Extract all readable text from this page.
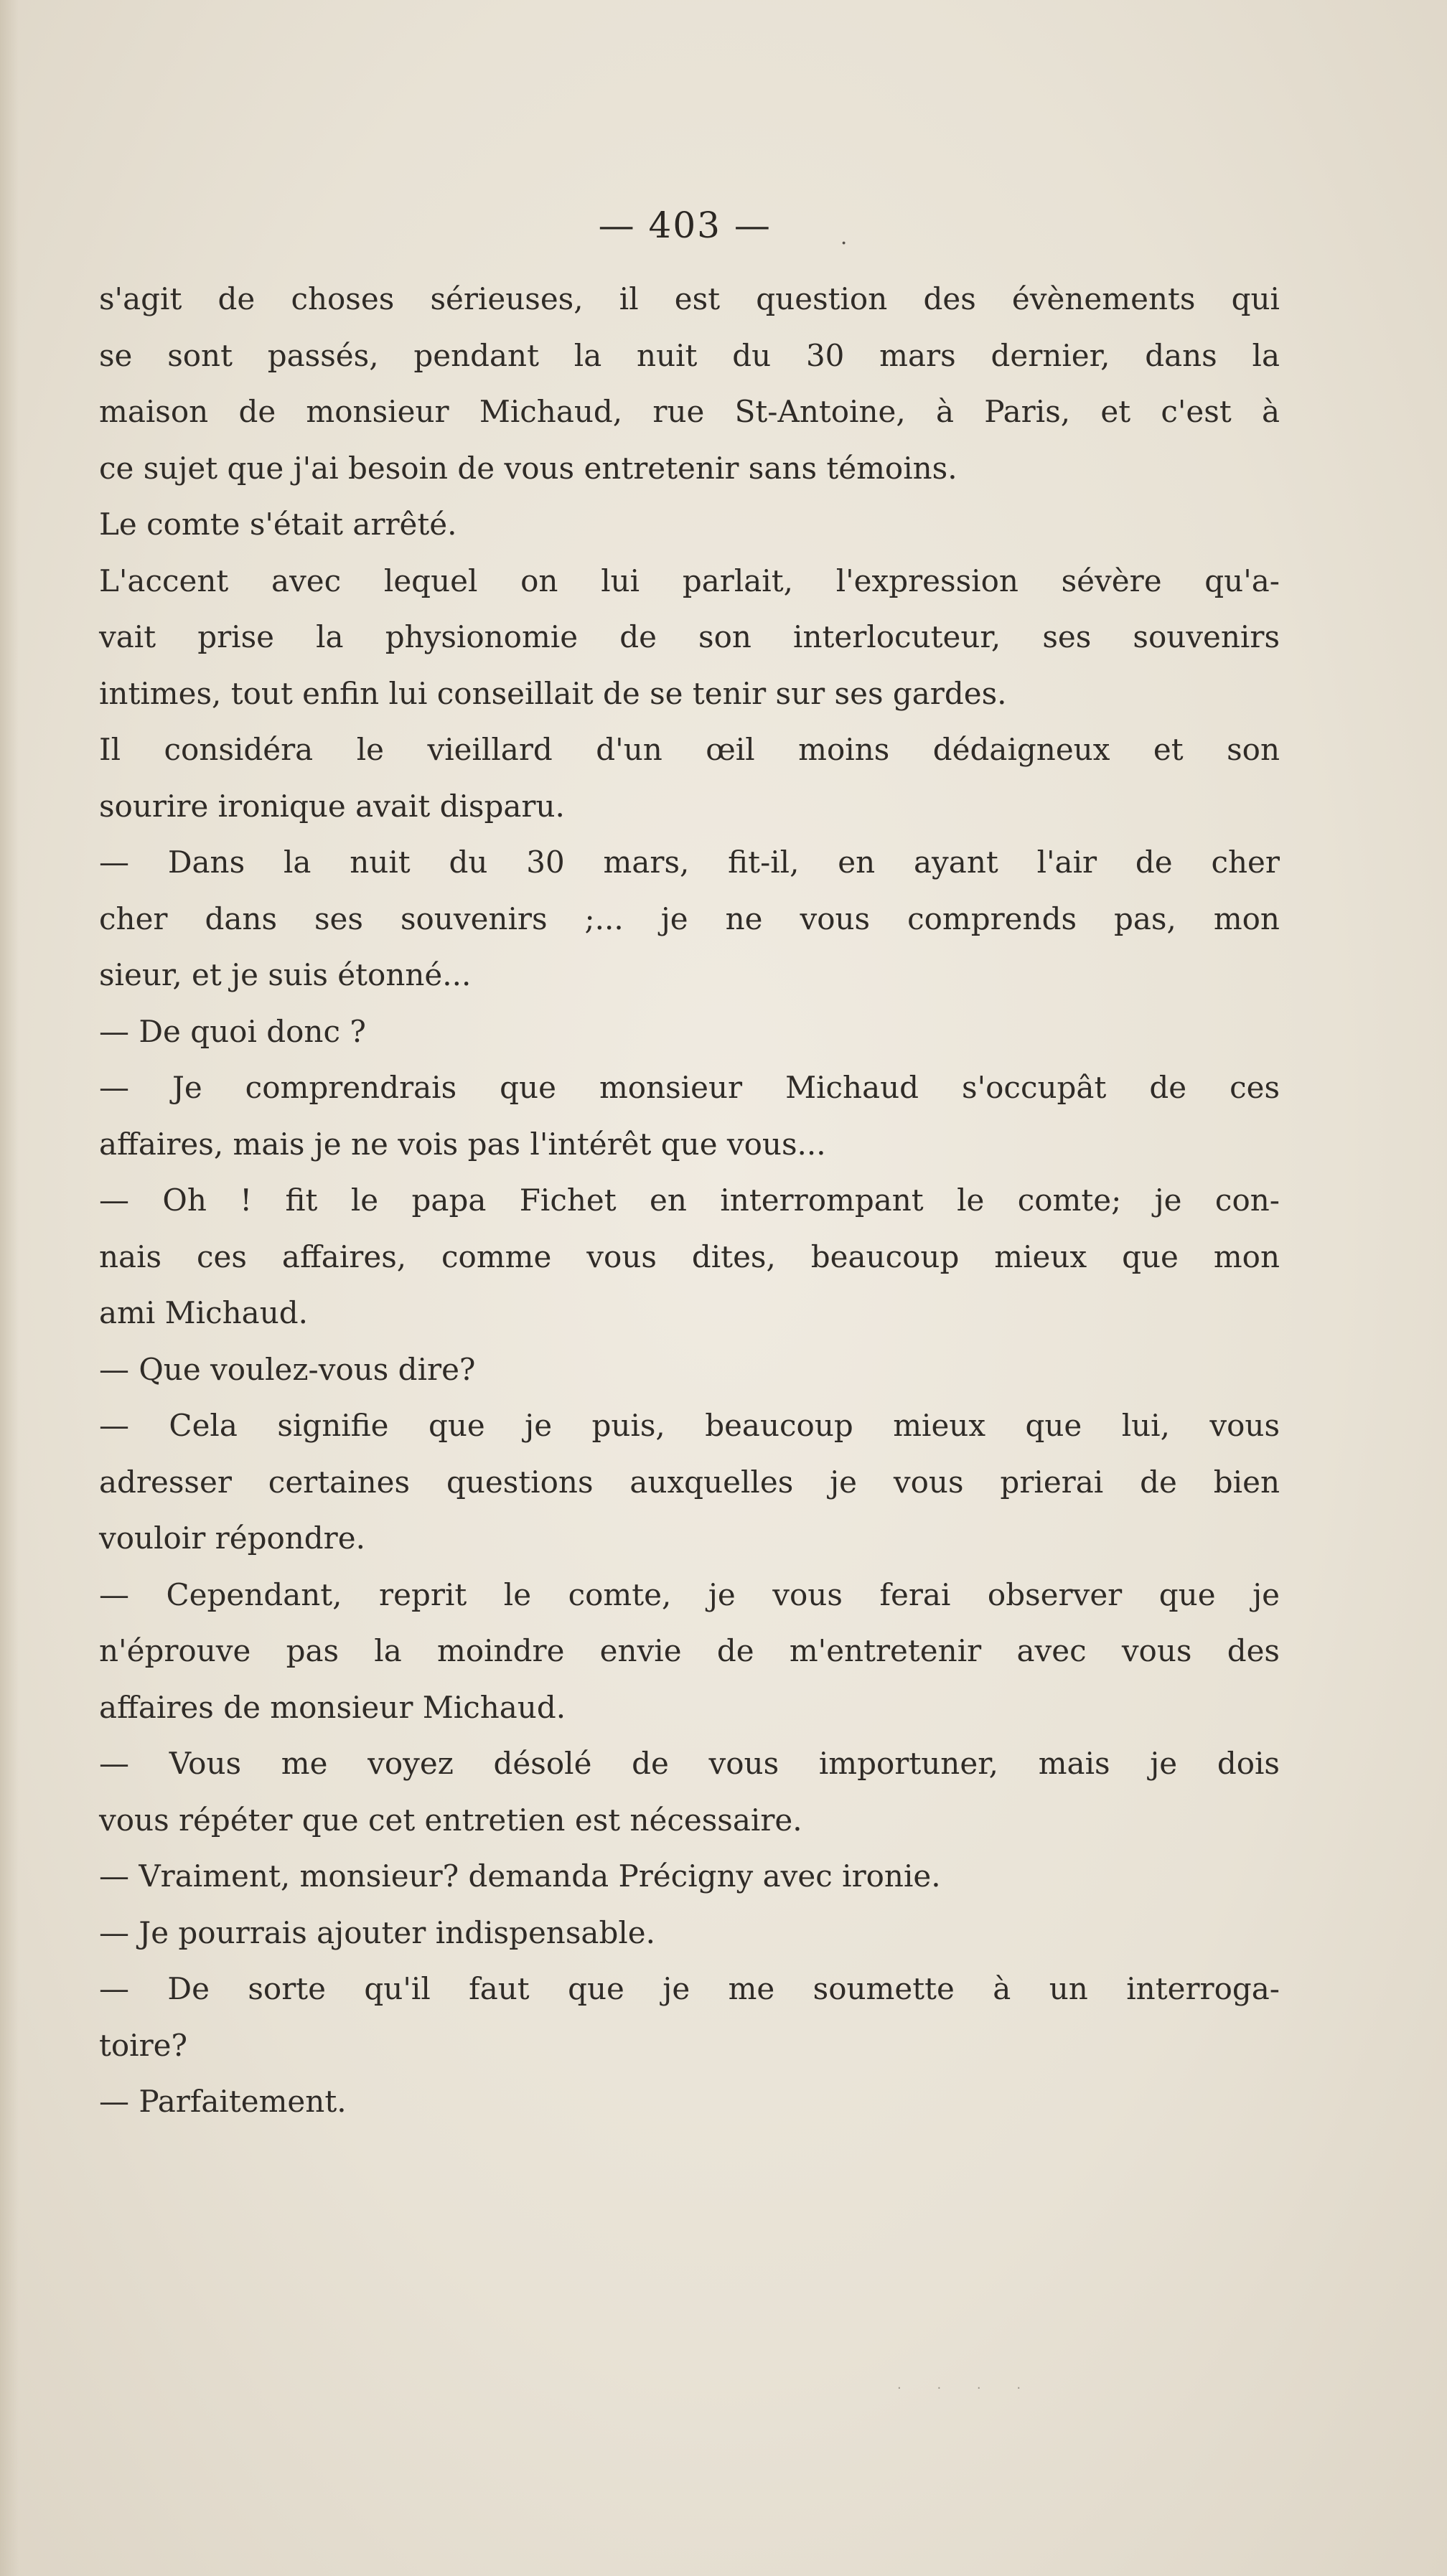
— 403 —	·
s'agit de choses sérieuses, il est question des évènements qui
se sont passés, pendant la nuit du 30 mars dernier, dans la
maison de monsieur Michaud, rue St-Antoine, à Paris, et c'est à
ce sujet que j'ai besoin de vous entretenir sans témoins.
Le comte s'était arrêté.
L'accent avec lequel on lui parlait, l'expression sévère qu'a-
vait prise la physionomie de son interlocuteur, ses souvenirs
intimes, tout enfin lui conseillait de se tenir sur ses gardes.
Il considéra le vieillard d'un œil moins dédaigneux et son
sourire ironique avait disparu.
— Dans la nuit du 30 mars, fit-il, en ayant l'air de cher
cher dans ses souvenirs ;... je ne vous comprends pas, mon
sieur, et je suis étonné...
— De quoi donc ?
— Je comprendrais que monsieur Michaud s'occupât de ces
affaires, mais je ne vois pas l'intérêt que vous...
— Oh ! fit le papa Fichet en interrompant le comte; je con-
nais ces affaires, comme vous dites, beaucoup mieux que mon
ami Michaud.
— Que voulez-vous dire?
— Cela signifie que je puis, beaucoup mieux que lui, vous
adresser certaines questions auxquelles je vous prierai de bien
vouloir répondre.
— Cependant, reprit le comte, je vous ferai observer que je
n'éprouve pas la moindre envie de m'entretenir avec vous des
affaires de monsieur Michaud.
— Vous me voyez désolé de vous importuner, mais je dois
vous répéter que cet entretien est nécessaire.
— Vraiment, monsieur? demanda Précigny avec ironie.
— Je pourrais ajouter indispensable.
— De sorte qu'il faut que je me soumette à un interroga-
toire?
— Parfaitement.
· · · ·
